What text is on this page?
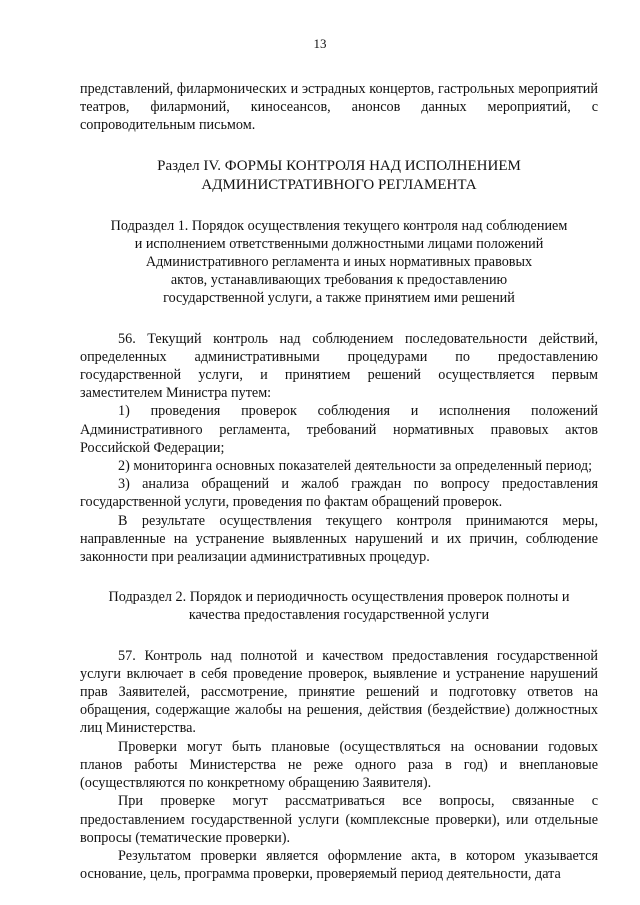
13

представлений, филармонических и эстрадных концертов, гастрольных мероприятий театров, филармоний, киносеансов, анонсов данных мероприятий, с сопроводительным письмом.

Раздел IV. ФОРМЫ КОНТРОЛЯ НАД ИСПОЛНЕНИЕМ
АДМИНИСТРАТИВНОГО РЕГЛАМЕНТА
Подраздел 1. Порядок осуществления текущего контроля над соблюдением
и исполнением ответственными должностными лицами положений
Административного регламента и иных нормативных правовых
актов, устанавливающих требования к предоставлению
государственной услуги, а также принятием ими решений

56. Текущий контроль над соблюдением последовательности действий, определенных административными процедурами по предоставлению государственной услуги, и принятием решений осуществляется первым заместителем Министра путем:

1) проведения проверок соблюдения и исполнения положений Административного регламента, требований нормативных правовых актов Российской Федерации;

2) мониторинга основных показателей деятельности за определенный период;

3) анализа обращений и жалоб граждан по вопросу предоставления государственной услуги, проведения по фактам обращений проверок.

В результате осуществления текущего контроля принимаются меры, направленные на устранение выявленных нарушений и их причин, соблюдение законности при реализации административных процедур.

Подраздел 2. Порядок и периодичность осуществления проверок полноты и
качества предоставления государственной услуги

57. Контроль над полнотой и качеством предоставления государственной услуги включает в себя проведение проверок, выявление и устранение нарушений прав Заявителей, рассмотрение, принятие решений и подготовку ответов на обращения, содержащие жалобы на решения, действия (бездействие) должностных лиц Министерства.

Проверки могут быть плановые (осуществляться на основании годовых планов работы Министерства не реже одного раза в год) и внеплановые (осуществляются по конкретному обращению Заявителя).

При проверке могут рассматриваться все вопросы, связанные с предоставлением государственной услуги (комплексные проверки), или отдельные вопросы (тематические проверки).

Результатом проверки является оформление акта, в котором указывается основание, цель, программа проверки, проверяемый период деятельности, дата
